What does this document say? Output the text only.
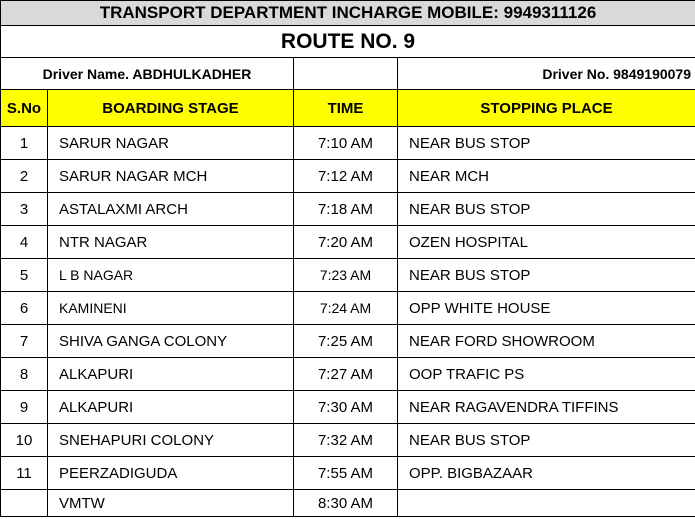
TRANSPORT DEPARTMENT INCHARGE MOBILE: 9949311126			
ROUTE NO. 9			
Driver Name. ABDHULKADHER			Driver No. 9849190079
S.No	BOARDING STAGE	TIME	STOPPING PLACE
1	SARUR NAGAR	7:10 AM	NEAR BUS STOP
2	SARUR NAGAR MCH	7:12 AM	NEAR MCH
3	ASTALAXMI ARCH	7:18 AM	NEAR BUS STOP
4	NTR NAGAR	7:20 AM	OZEN HOSPITAL
5	L B NAGAR	7:23 AM	NEAR BUS STOP
6	KAMINENI	7:24 AM	OPP WHITE HOUSE
7	SHIVA GANGA COLONY	7:25 AM	NEAR FORD SHOWROOM
8	ALKAPURI	7:27 AM	OOP TRAFIC PS
9	ALKAPURI	7:30 AM	NEAR RAGAVENDRA TIFFINS
10	SNEHAPURI COLONY	7:32 AM	NEAR BUS STOP
11	PEERZADIGUDA	7:55 AM	OPP. BIGBAZAAR
	VMTW	8:30 AM	
